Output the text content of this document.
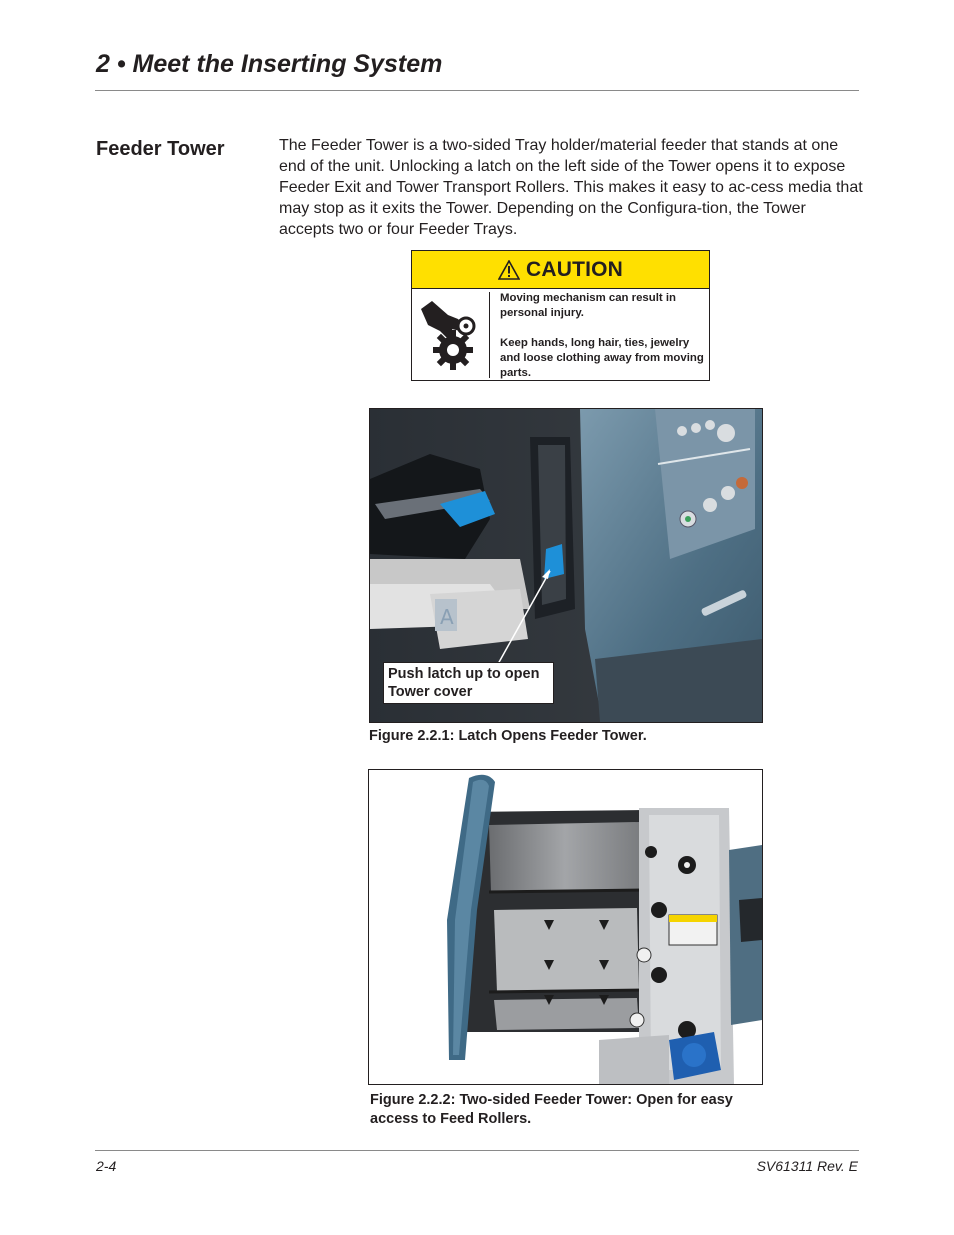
2 • Meet the Inserting System
Feeder Tower	The Feeder Tower is a two-sided Tray holder/material feeder that stands at one end of the unit. Unlocking a latch on the left side of the Tower opens it to expose Feeder Exit and Tower Transport Rollers. This makes it easy to ac-cess media that may stop as it exits the Tower. Depending on the Configura-tion, the Tower accepts two or four Feeder Trays.

CAUTION

Moving mechanism can result in personal injury.

Keep hands, long hair, ties, jewelry and loose clothing away from moving parts.

A
Push latch up to open Tower cover

Figure 2.2.1: Latch Opens Feeder Tower.

Figure 2.2.2: Two-sided Feeder Tower: Open for easy access to Feed Rollers.

2-4	SV61311 Rev. E
